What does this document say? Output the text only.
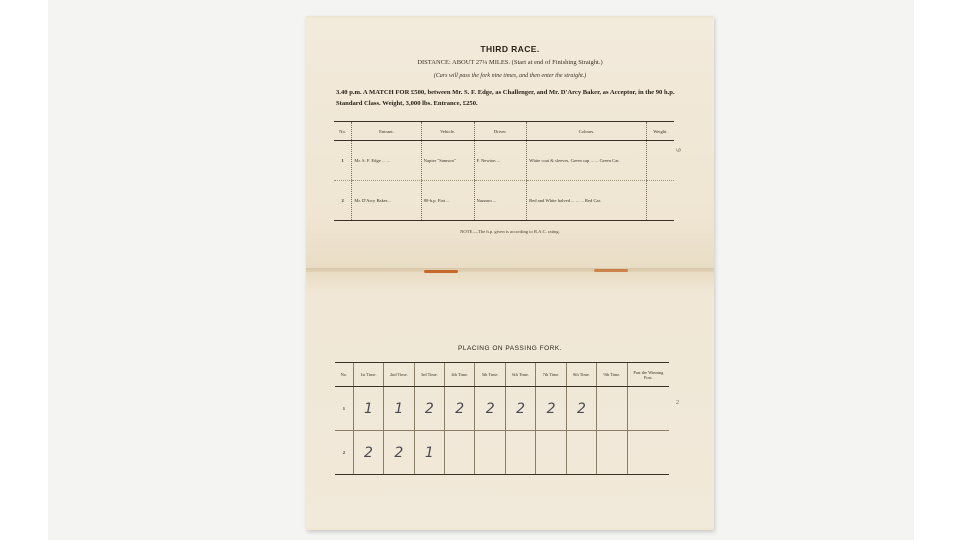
THIRD RACE.
DISTANCE: ABOUT 27¼ MILES. (Start at end of Finishing Straight.)
(Cars will pass the fork nine times, and then enter the straight.)
3.40 p.m. A MATCH FOR £500, between Mr. S. F. Edge, as Challenger, and Mr. D'Arcy Baker, as Acceptor, in the 90 h.p. Standard Class. Weight, 3,000 lbs. Entrance, £250.
No.	Entrant.	Vehicle.	Driver.	Colours.	Weight.
1	Mr. S. F. Edge ... ...	Napier "Samson"	F. Newton ...	White coat & sleeves, Green cap ... ... Green Car.	
2	Mr. D'Arcy Baker...	80-h.p. Fiat ...	Nazzaro ...	Red and White halved ... ... ... Red Car.	
NOTE.—The h.p. given is according to R.A.C. rating.
9
PLACING ON PASSING FORK.
No.	1st Time.	2nd Time.	3rd Time.	4th Time.	5th Time.	6th Time.	7th Time.	8th Time.	9th Time.	Past the Winning Post.
1	1	1	2	2	2	2	2	2		
2	2	2	1							
2
